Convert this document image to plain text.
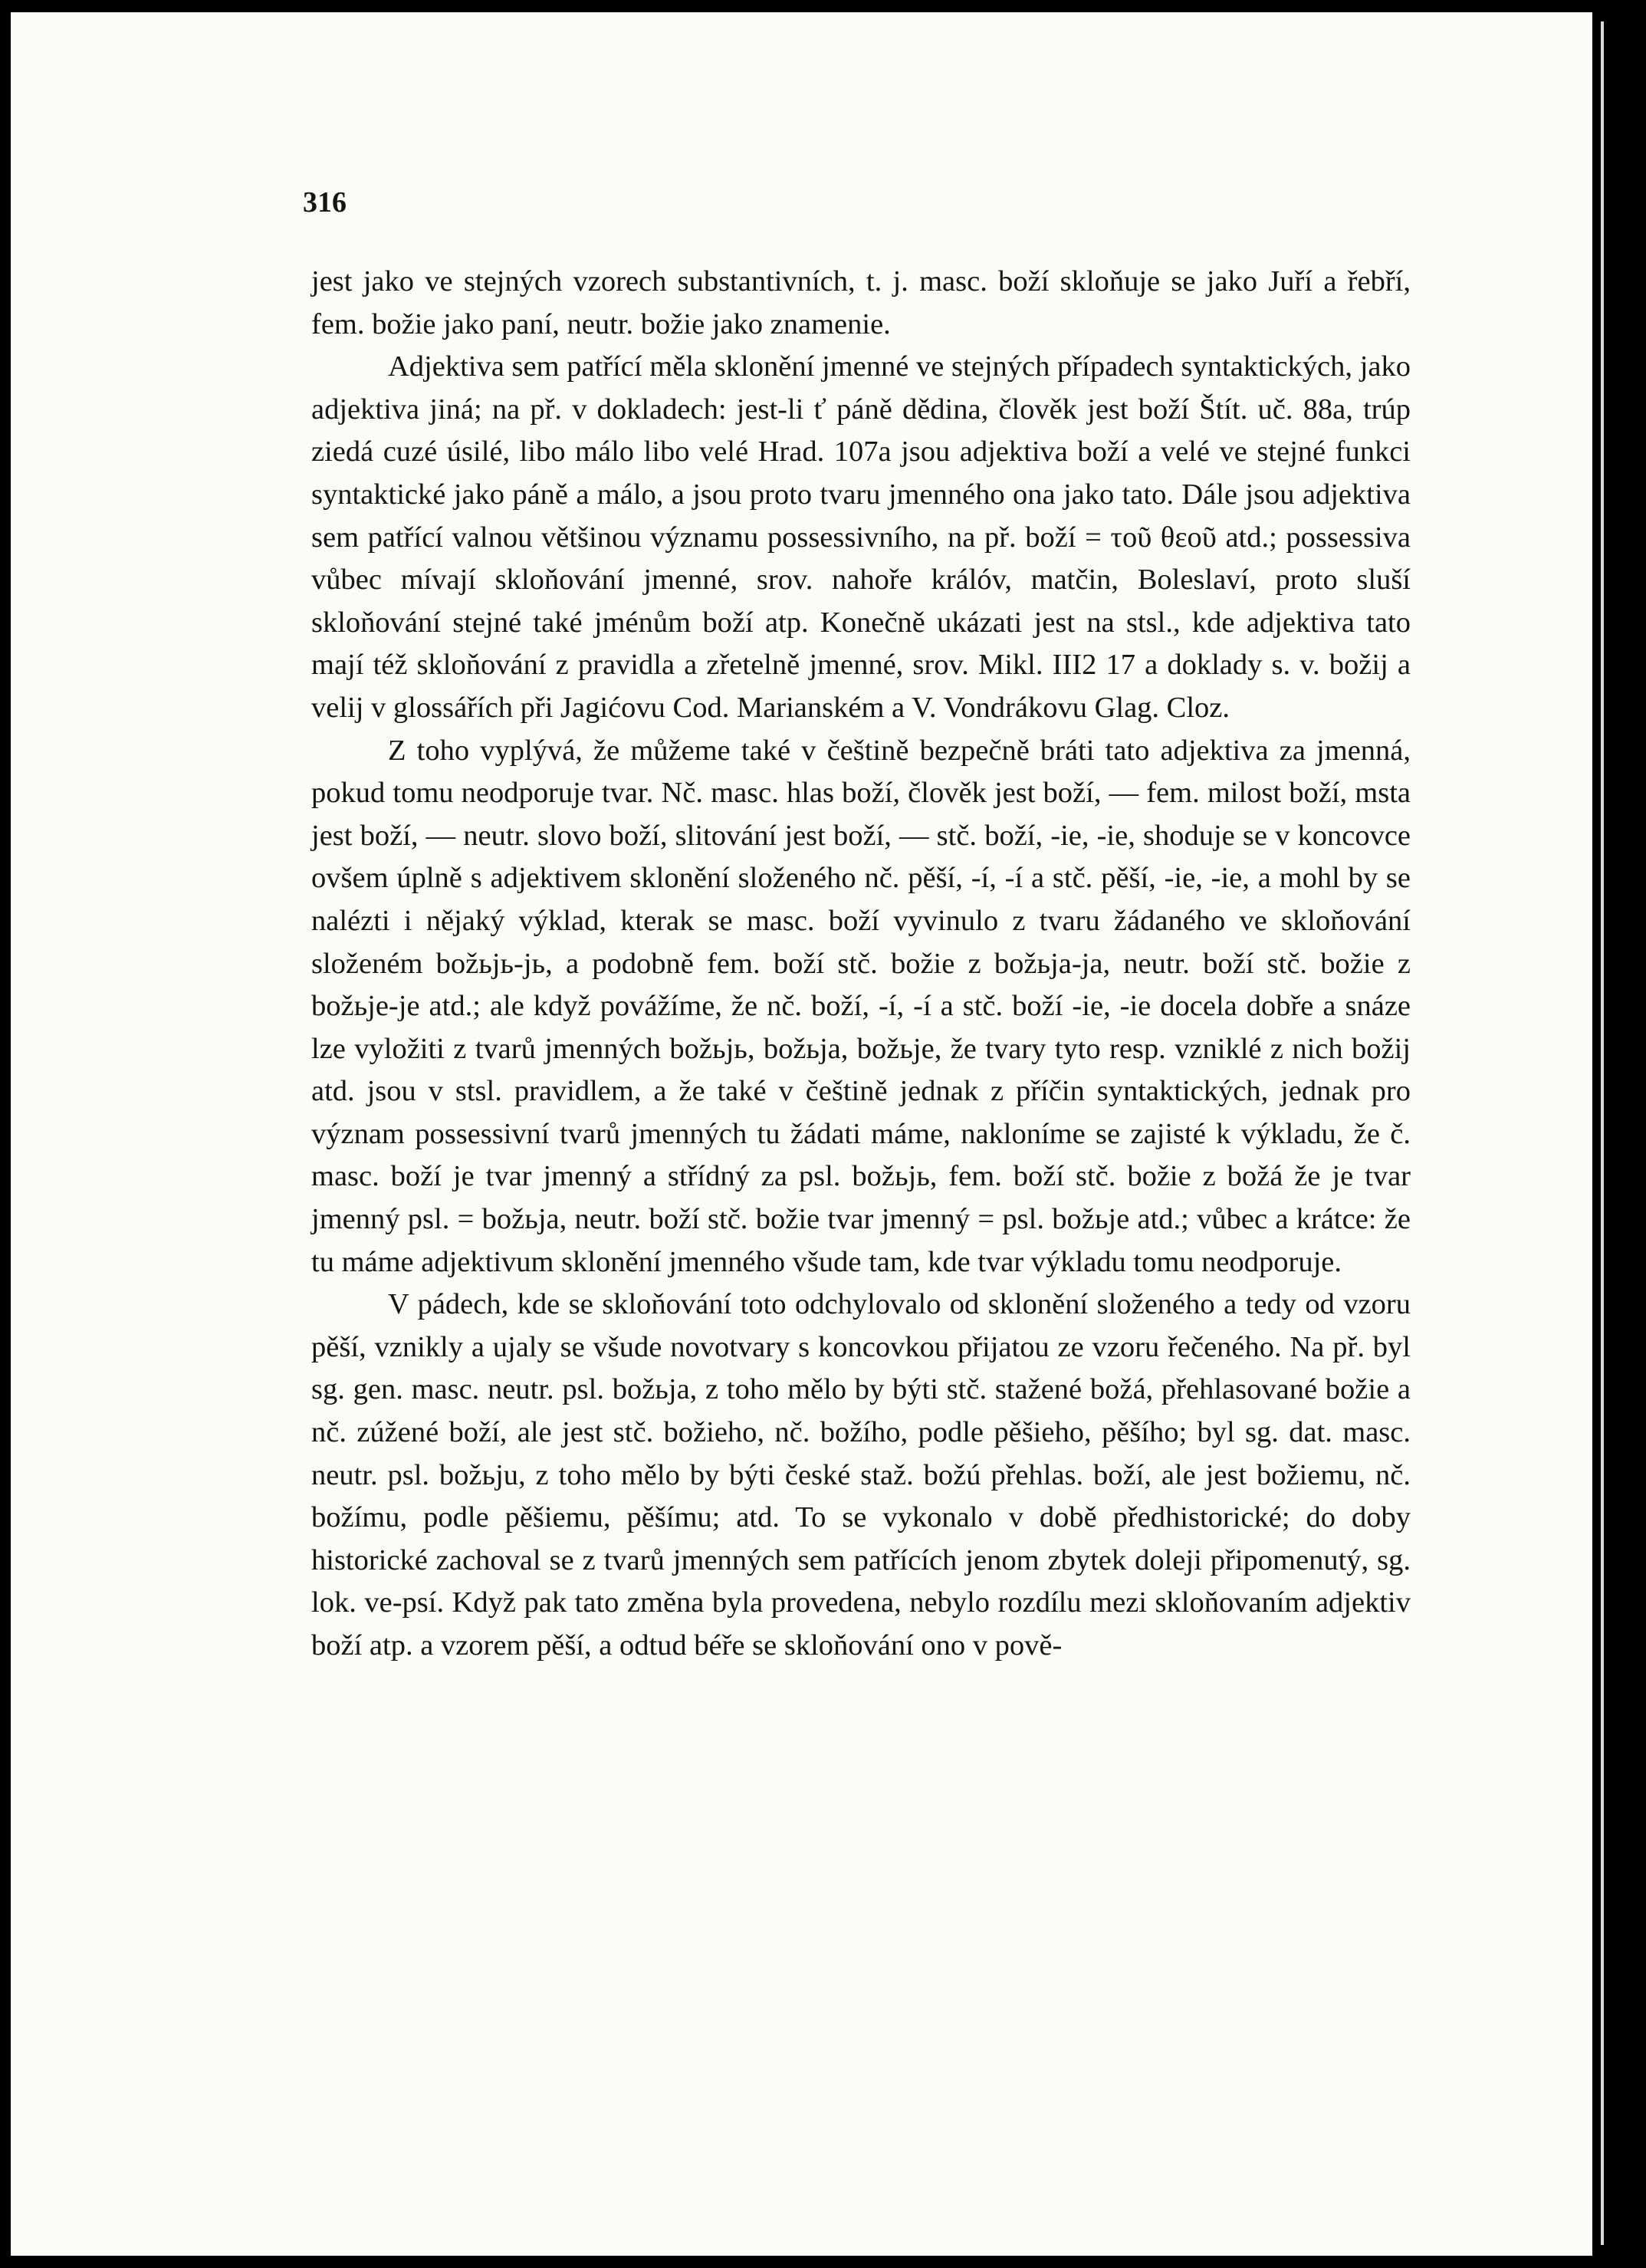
316

jest jako ve stejných vzorech substantivních, t. j. masc. boží skloňuje se jako Juří a řebří, fem. božie jako paní, neutr. božie jako znamenie.

Adjektiva sem patřící měla sklonění jmenné ve stejných případech syntaktických, jako adjektiva jiná; na př. v dokladech: jest-li ť páně dědina, člověk jest boží Štít. uč. 88a, trúp ziedá cuzé úsilé, libo málo libo velé Hrad. 107a jsou adjektiva boží a velé ve stejné funkci syntaktické jako páně a málo, a jsou proto tvaru jmenného ona jako tato. Dále jsou adjektiva sem patřící valnou většinou významu possessivního, na př. boží = τοῦ θεοῦ atd.; possessiva vůbec mívají skloňování jmenné, srov. nahoře králóv, matčin, Boleslaví, proto sluší skloňování stejné také jménům boží atp. Konečně ukázati jest na stsl., kde adjektiva tato mají též skloňování z pravidla a zřetelně jmenné, srov. Mikl. III2 17 a doklady s. v. božij a velij v glossářích při Jagićovu Cod. Marianském a V. Vondrákovu Glag. Cloz.

Z toho vyplývá, že můžeme také v češtině bezpečně bráti tato adjektiva za jmenná, pokud tomu neodporuje tvar. Nč. masc. hlas boží, člověk jest boží, — fem. milost boží, msta jest boží, — neutr. slovo boží, slitování jest boží, — stč. boží, -ie, -ie, shoduje se v koncovce ovšem úplně s adjektivem sklonění složeného nč. pěší, -í, -í a stč. pěší, -ie, -ie, a mohl by se nalézti i nějaký výklad, kterak se masc. boží vyvinulo z tvaru žádaného ve skloňování složeném božьjь-jь, a podobně fem. boží stč. božie z božьja-ja, neutr. boží stč. božie z božьje-je atd.; ale když povážíme, že nč. boží, -í, -í a stč. boží -ie, -ie docela dobře a snáze lze vyložiti z tvarů jmenných božьjь, božьja, božьje, že tvary tyto resp. vzniklé z nich božij atd. jsou v stsl. pravidlem, a že také v češtině jednak z příčin syntaktických, jednak pro význam possessivní tvarů jmenných tu žádati máme, nakloníme se zajisté k výkladu, že č. masc. boží je tvar jmenný a střídný za psl. božьjь, fem. boží stč. božie z božá že je tvar jmenný psl. = božьja, neutr. boží stč. božie tvar jmenný = psl. božьje atd.; vůbec a krátce: že tu máme adjektivum sklonění jmenného všude tam, kde tvar výkladu tomu neodporuje.

V pádech, kde se skloňování toto odchylovalo od sklonění složeného a tedy od vzoru pěší, vznikly a ujaly se všude novotvary s koncovkou přijatou ze vzoru řečeného. Na př. byl sg. gen. masc. neutr. psl. božьja, z toho mělo by býti stč. stažené božá, přehlasované božie a nč. zúžené boží, ale jest stč. božieho, nč. božího, podle pěšieho, pěšího; byl sg. dat. masc. neutr. psl. božьju, z toho mělo by býti české staž. božú přehlas. boží, ale jest božiemu, nč. božímu, podle pěšiemu, pěšímu; atd. To se vykonalo v době předhistorické; do doby historické zachoval se z tvarů jmenných sem patřících jenom zbytek doleji připomenutý, sg. lok. ve-psí. Když pak tato změna byla provedena, nebylo rozdílu mezi skloňovaním adjektiv boží atp. a vzorem pěší, a odtud béře se skloňování ono v pově-
